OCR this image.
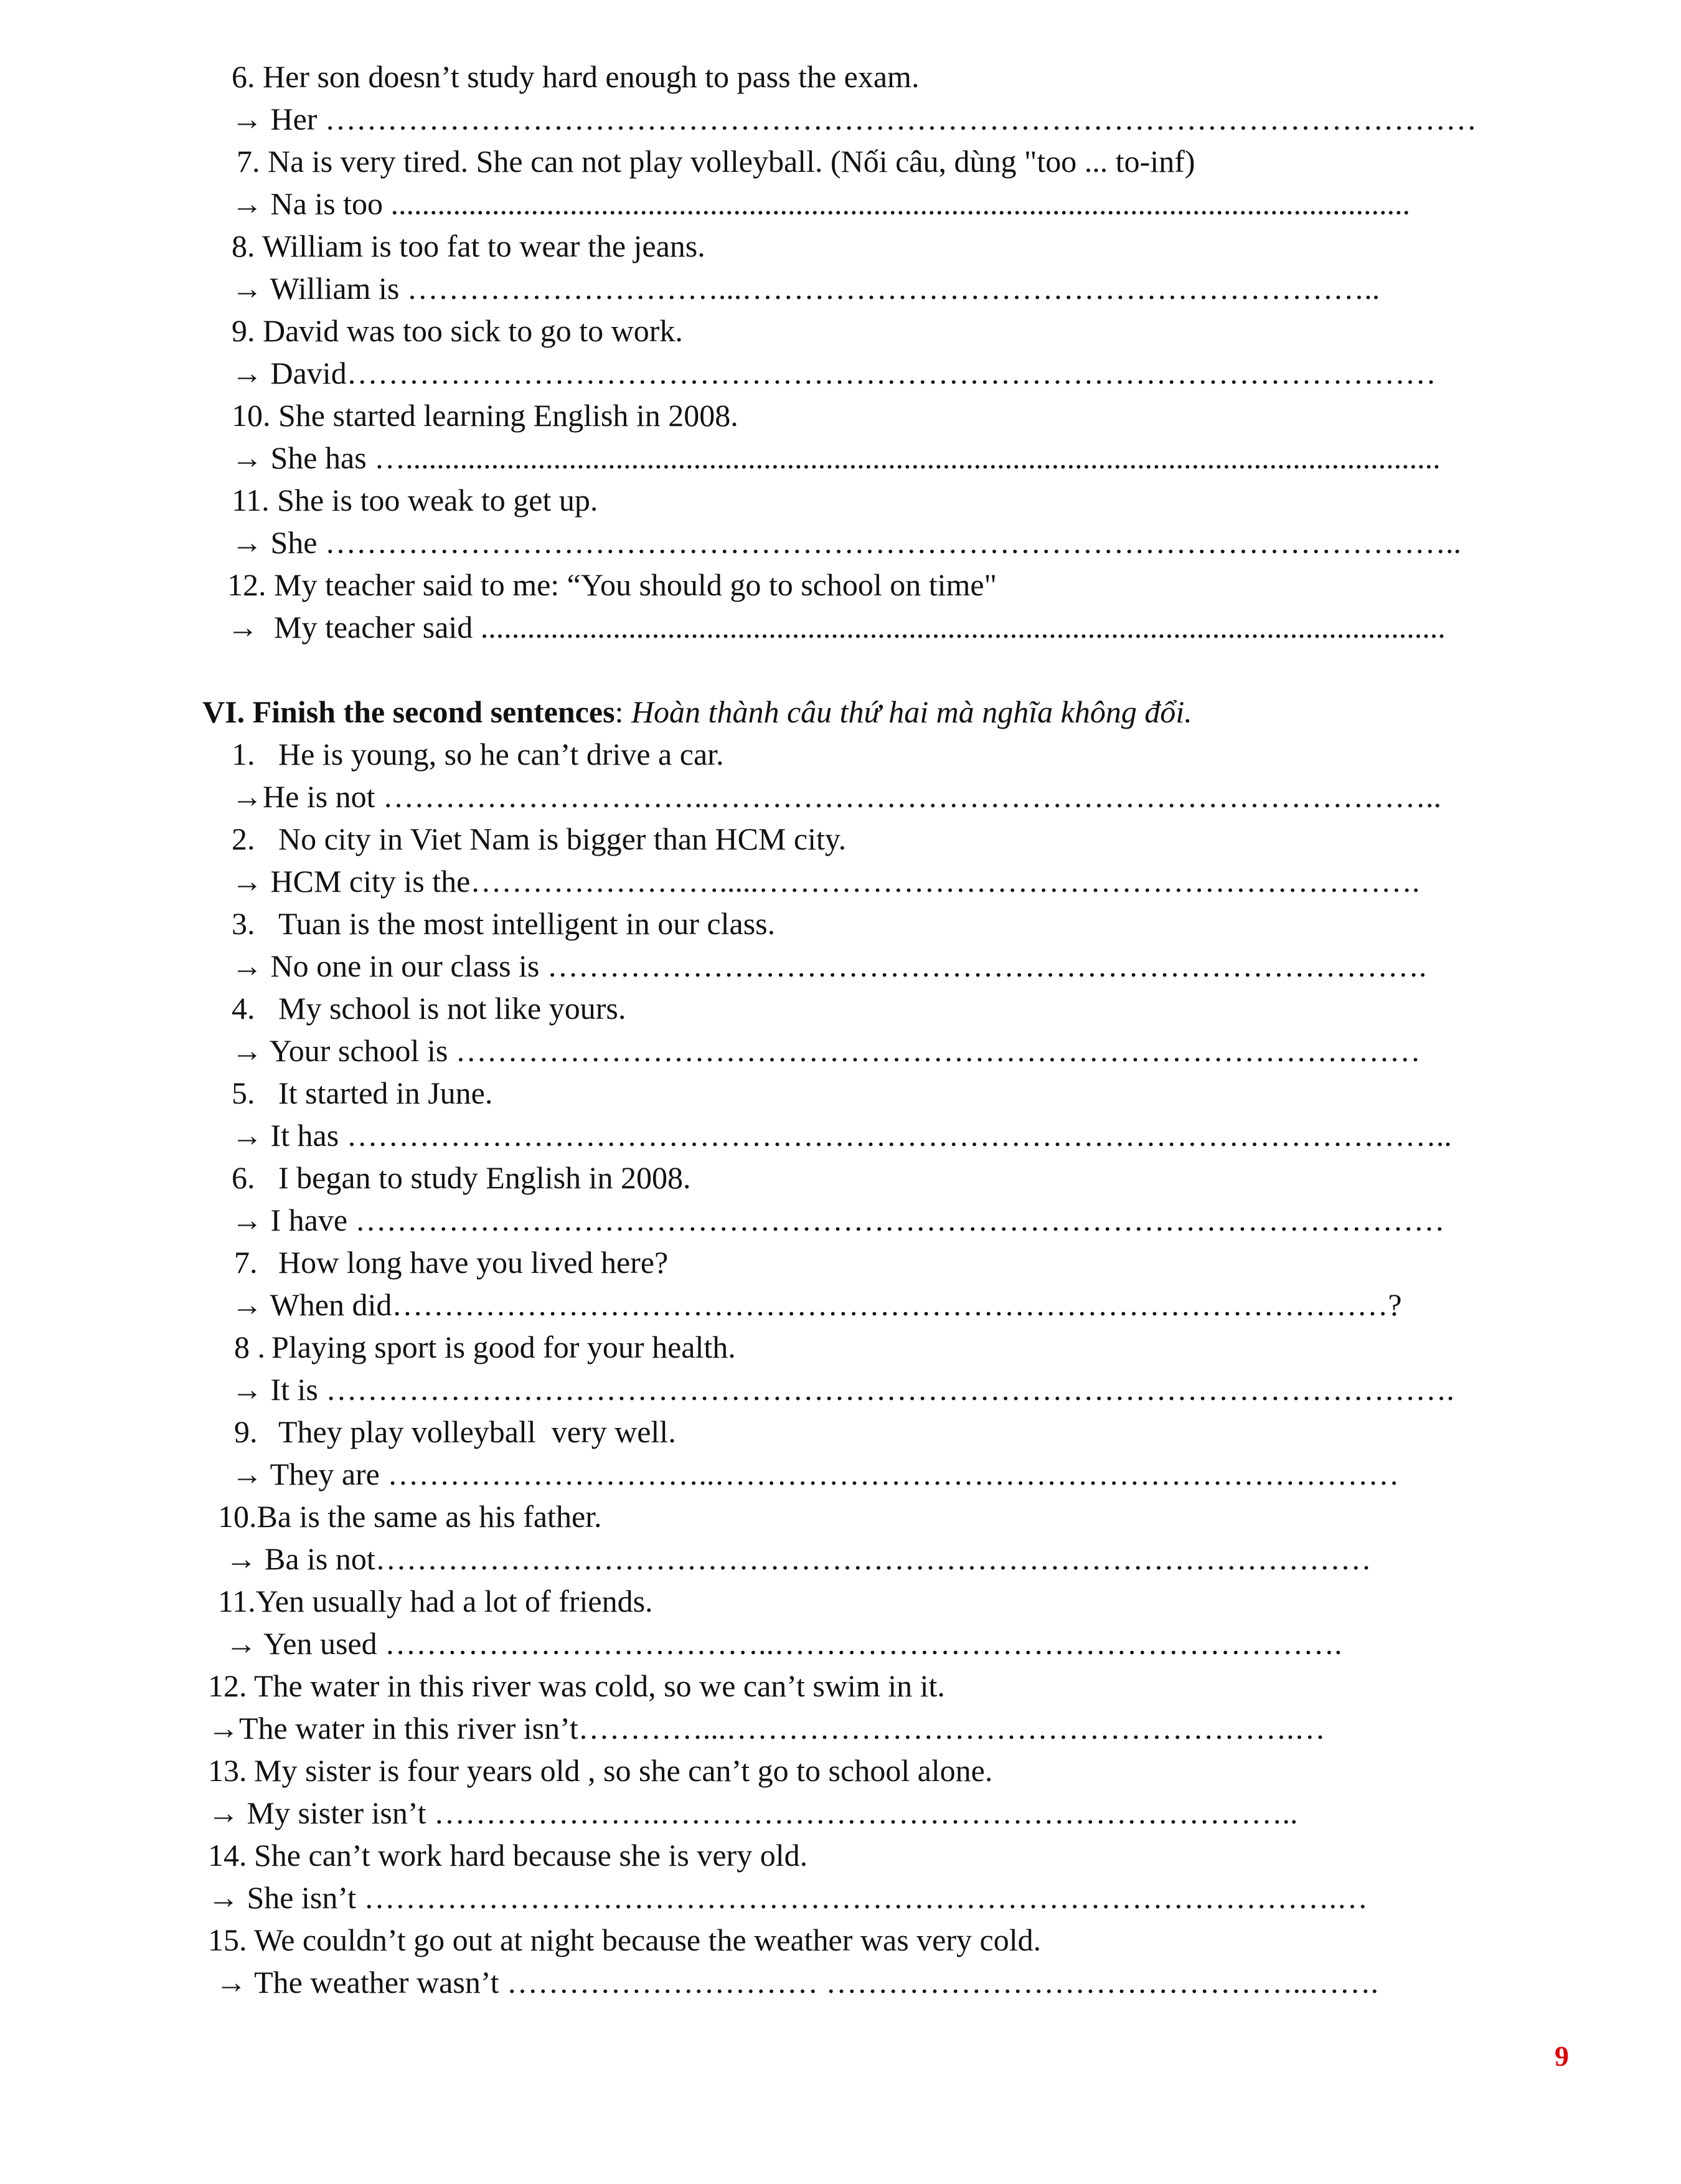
6. Her son doesn’t study hard enough to pass the exam.
→ Her …………………………………………………………………………………………………
7. Na is very tired. She can not play volleyball. (Nối câu, dùng "too ... to-inf)
→ Na is too ...................................................................................................................................
8. William is too fat to wear the jeans.
→ William is …………………………...……………………………………………………..
9. David was too sick to go to work.
→ David……………………………………………………………………………………………
10. She started learning English in 2008.
→ She has ….....................................................................................................................................
11. She is too weak to get up.
→ She ………………………………………………………………………………………………..
12. My teacher said to me: “You should go to school on time"
→  My teacher said ............................................................................................................................
VI. Finish the second sentences: Hoàn thành câu thứ hai mà nghĩa không đổi.
1. He is young, so he can’t drive a car.
→He is not …………………………..……………………………………………………………..
2. No city in Viet Nam is bigger than HCM city.
→ HCM city is the…………………….....……………………………………………………….
3. Tuan is the most intelligent in our class.
→ No one in our class is ………………………………………………………………………….
4. My school is not like yours.
→ Your school is …………………………………………………………………………………
5. It started in June.
→ It has ……………………………………………………………………………………………..
6. I began to study English in 2008.
→ I have ……………………………………………………………………………………………
7. How long have you lived here?
→ When did……………………………………………………………………………………?
8 . Playing sport is good for your health.
→ It is ……………………………………………………………………………………………….
9. They play volleyball  very well.
→ They are …………………………..…………………………………………………………
10.Ba is the same as his father.
→ Ba is not……………………………………………………………………………………
11.Yen usually had a lot of friends.
→ Yen used ………………………………..……………………………………………….
12. The water in this river was cold, so we can’t swim in it.
→The water in this river isn’t…………...……………………………………………….…
13. My sister is four years old , so she can’t go to school alone.
→ My sister isn’t ………………….……………………………………………………..
14. She can’t work hard because she is very old.
→ She isn’t ………………………………………………………………………………….…
15. We couldn’t go out at night because the weather was very cold.
→ The weather wasn’t ………………………… ………………………………………..…….
9
